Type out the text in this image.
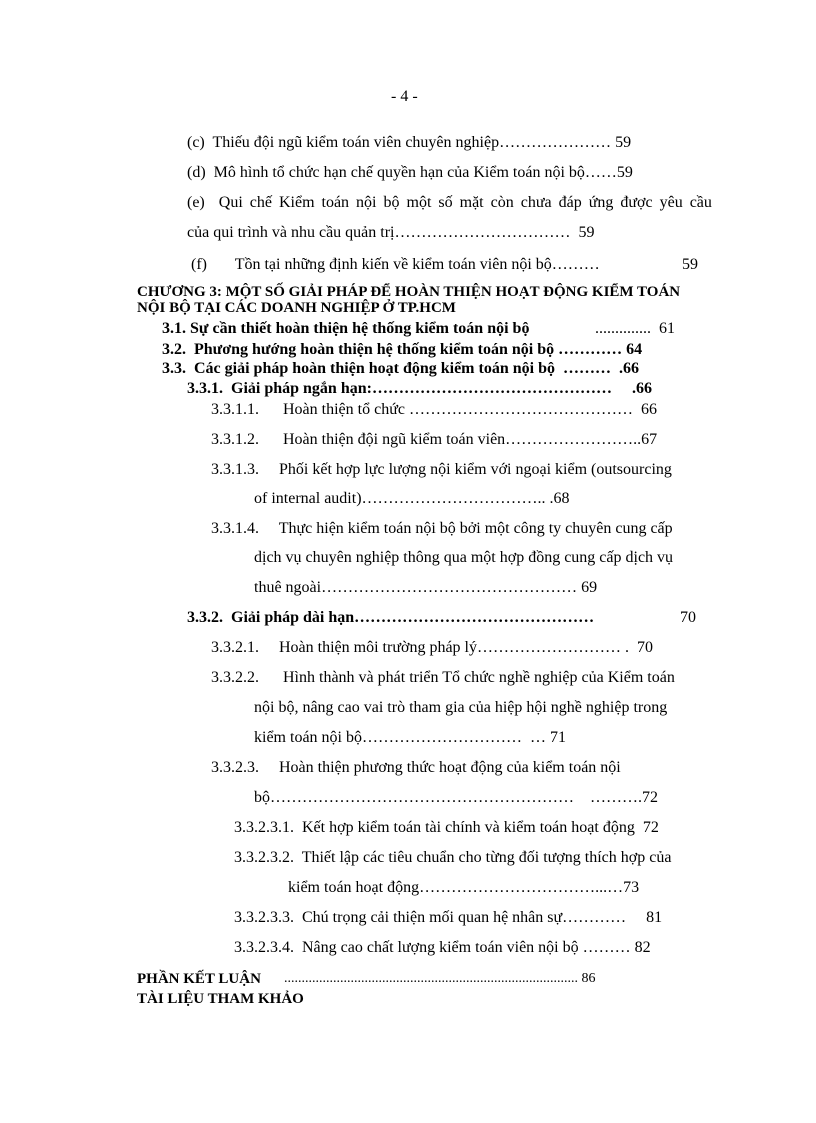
- 4 -
(c)  Thiếu đội ngũ kiểm toán viên chuyên nghiệp………………… 59
(d)  Mô hình tổ chức hạn chế quyền hạn của Kiểm toán nội bộ……59
(e)  Qui chế Kiểm toán nội bộ một số mặt còn chưa đáp ứng được yêu cầu
của qui trình và nhu cầu quản trị……………………………  59
(f)       Tồn tại những định kiến về kiểm toán viên nội bộ………	59
CHƯƠNG 3: MỘT SỐ GIẢI PHÁP ĐỂ HOÀN THIỆN HOẠT ĐỘNG KIỂM TOÁN
NỘI BỘ TẠI CÁC DOANH NGHIỆP Ở TP.HCM
3.1. Sự cần thiết hoàn thiện hệ thống kiểm toán nội bộ	..............  61
3.2.  Phương hướng hoàn thiện hệ thống kiểm toán nội bộ ………… 64
3.3.  Các giải pháp hoàn thiện hoạt động kiểm toán nội bộ  ………  .66
3.3.1.  Giải pháp ngắn hạn:………………………………………     .66
3.3.1.1.      Hoàn thiện tổ chức ……………………………………  66
3.3.1.2.      Hoàn thiện đội ngũ kiểm toán viên……………………..67
3.3.1.3.     Phối kết hợp lực lượng nội kiểm với ngoại kiểm (outsourcing
of internal audit)…………………………….. .68
3.3.1.4.     Thực hiện kiểm toán nội bộ bởi một công ty chuyên cung cấp
dịch vụ chuyên nghiệp thông qua một hợp đồng cung cấp dịch vụ
thuê ngoài………………………………………… 69
3.3.2.  Giải pháp dài hạn………………………………………	70
3.3.2.1.     Hoàn thiện môi trường pháp lý……………………… .  70
3.3.2.2.      Hình thành và phát triển Tổ chức nghề nghiệp của Kiểm toán
nội bộ, nâng cao vai trò tham gia của hiệp hội nghề nghiệp trong
kiểm toán nội bộ…………………………  … 71
3.3.2.3.     Hoàn thiện phương thức hoạt động của kiểm toán nội
bộ…………………………………………………    ……….72
3.3.2.3.1.  Kết hợp kiểm toán tài chính và kiểm toán hoạt động  72
3.3.2.3.2.  Thiết lập các tiêu chuẩn cho từng đối tượng thích hợp của
kiểm toán hoạt động……………………………...…73
3.3.2.3.3.  Chú trọng cải thiện mối quan hệ nhân sự…………     81
3.3.2.3.4.  Nâng cao chất lượng kiểm toán viên nội bộ ……… 82
PHẦN KẾT LUẬN .................................................................................... 86
TÀI LIỆU THAM KHẢO
